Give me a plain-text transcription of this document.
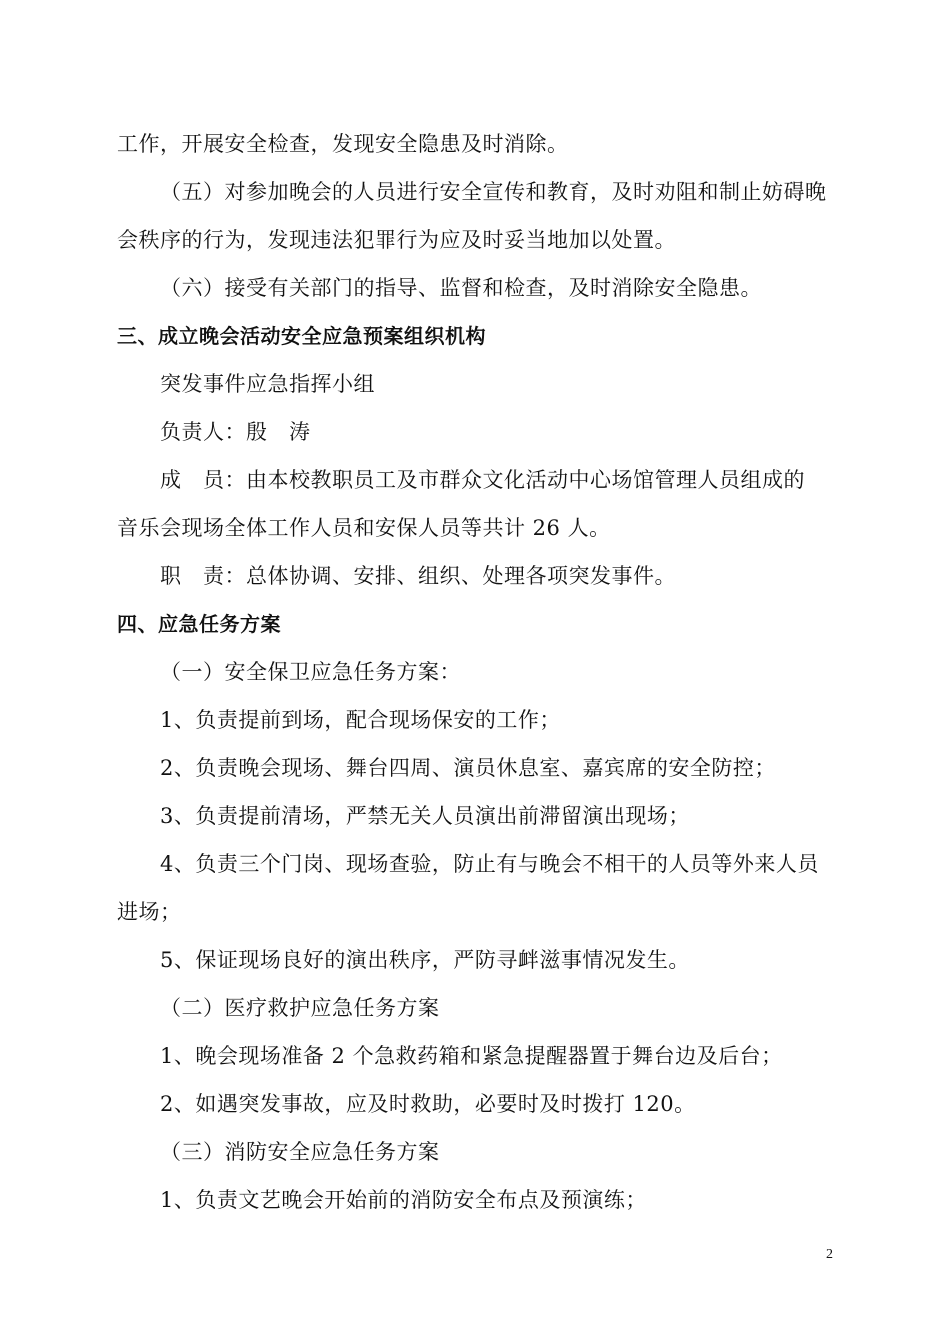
工作，开展安全检查，发现安全隐患及时消除。
（五）对参加晚会的人员进行安全宣传和教育，及时劝阻和制止妨碍晚
会秩序的行为，发现违法犯罪行为应及时妥当地加以处置。
（六）接受有关部门的指导、监督和检查，及时消除安全隐患。
三、成立晚会活动安全应急预案组织机构
突发事件应急指挥小组
负责人：殷　涛
成　员：由本校教职员工及市群众文化活动中心场馆管理人员组成的
音乐会现场全体工作人员和安保人员等共计 26 人。
职　责：总体协调、安排、组织、处理各项突发事件。
四、应急任务方案
（一）安全保卫应急任务方案：
1、负责提前到场，配合现场保安的工作；
2、负责晚会现场、舞台四周、演员休息室、嘉宾席的安全防控；
3、负责提前清场，严禁无关人员演出前滞留演出现场；
4、负责三个门岗、现场查验，防止有与晚会不相干的人员等外来人员
进场；
5、保证现场良好的演出秩序，严防寻衅滋事情况发生。
（二）医疗救护应急任务方案
1、晚会现场准备 2 个急救药箱和紧急提醒器置于舞台边及后台；
2、如遇突发事故，应及时救助，必要时及时拨打 120。
（三）消防安全应急任务方案
1、负责文艺晚会开始前的消防安全布点及预演练；
2
